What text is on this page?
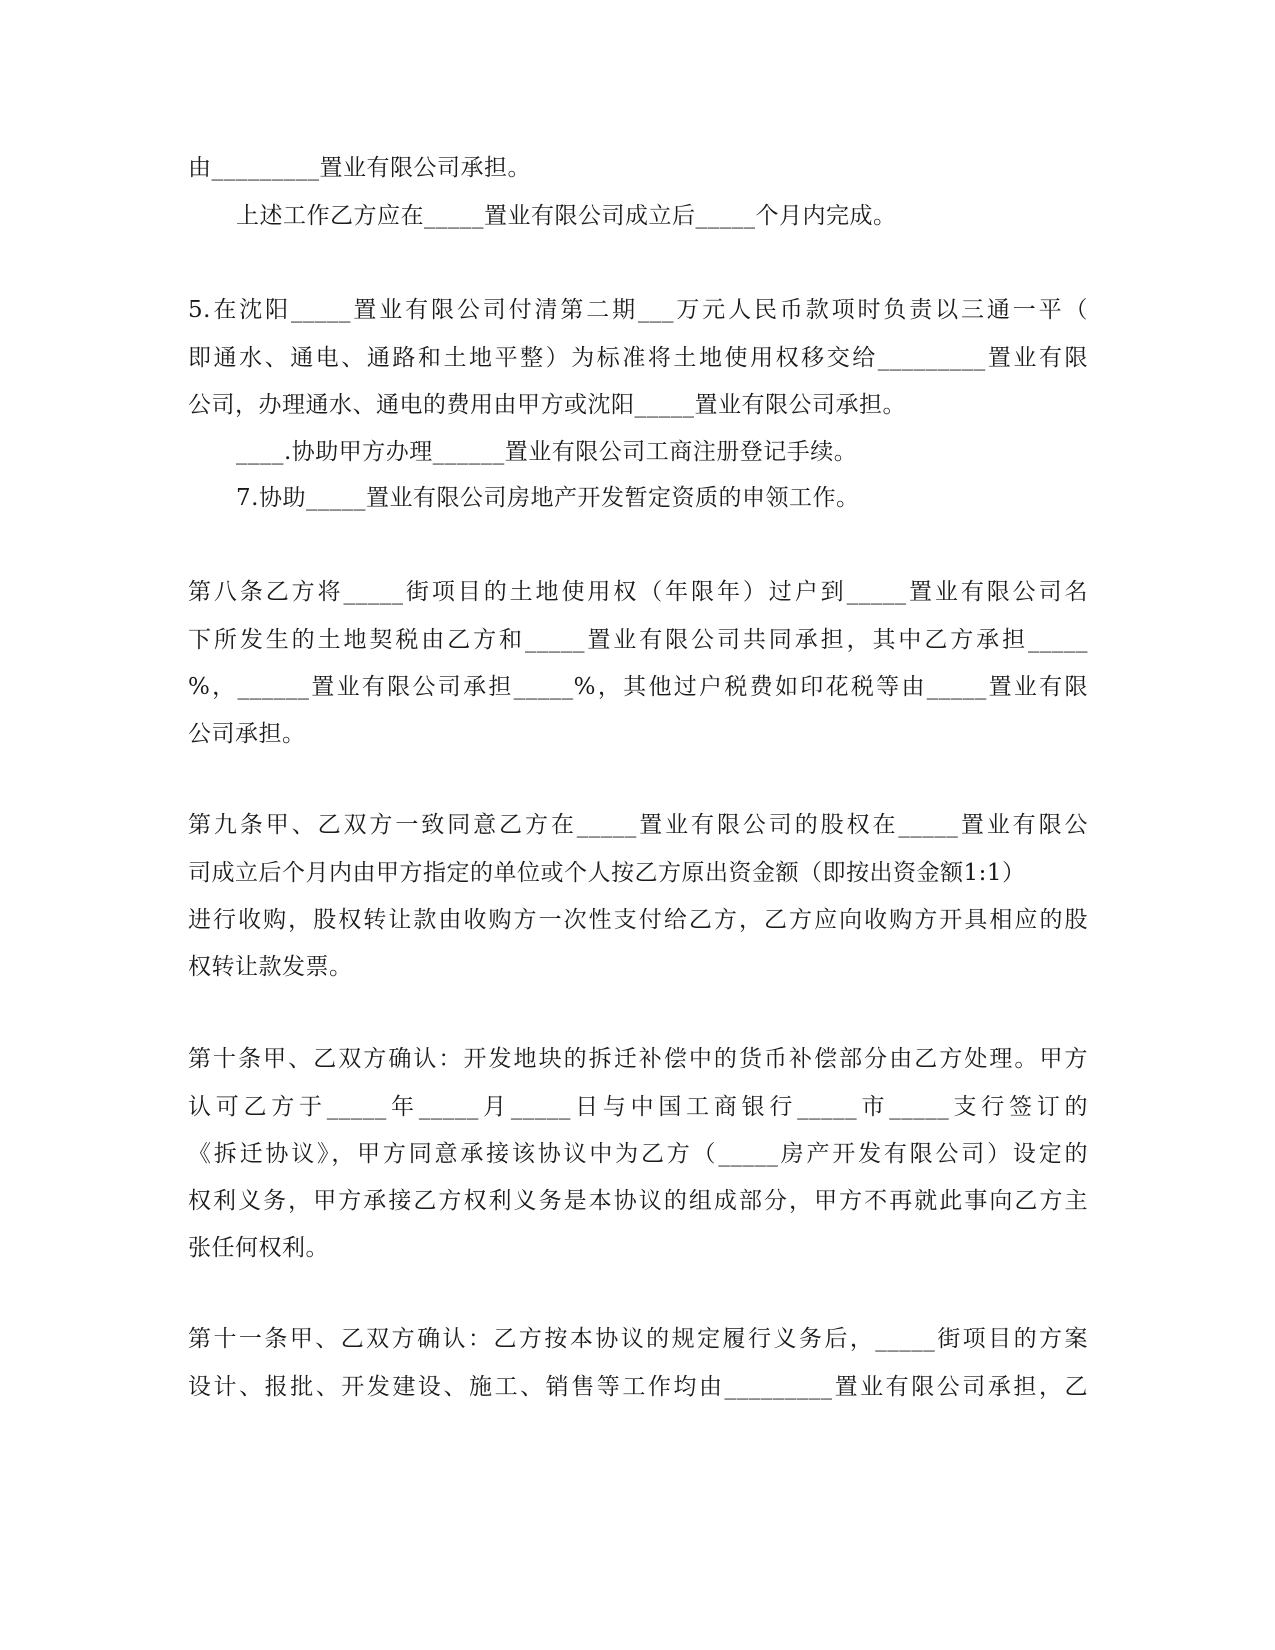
由_________置业有限公司承担。
上述工作乙方应在_____置业有限公司成立后_____个月内完成。
5.在沈阳_____置业有限公司付清第二期___万元人民币款项时负责以三通一平（
即通水、通电、通路和土地平整）为标准将土地使用权移交给_________置业有限
公司，办理通水、通电的费用由甲方或沈阳_____置业有限公司承担。
____.协助甲方办理______置业有限公司工商注册登记手续。
7.协助_____置业有限公司房地产开发暂定资质的申领工作。
第八条乙方将_____街项目的土地使用权（年限年）过户到_____置业有限公司名
下所发生的土地契税由乙方和_____置业有限公司共同承担，其中乙方承担_____
%，______置业有限公司承担_____%，其他过户税费如印花税等由_____置业有限
公司承担。
第九条甲、乙双方一致同意乙方在_____置业有限公司的股权在_____置业有限公
司成立后个月内由甲方指定的单位或个人按乙方原出资金额（即按出资金额1:1）
进行收购，股权转让款由收购方一次性支付给乙方，乙方应向收购方开具相应的股
权转让款发票。
第十条甲、乙双方确认：开发地块的拆迁补偿中的货币补偿部分由乙方处理。甲方
认可乙方于_____年_____月_____日与中国工商银行_____市_____支行签订的
《拆迁协议》，甲方同意承接该协议中为乙方（_____房产开发有限公司）设定的
权利义务，甲方承接乙方权利义务是本协议的组成部分，甲方不再就此事向乙方主
张任何权利。
第十一条甲、乙双方确认：乙方按本协议的规定履行义务后，_____街项目的方案
设计、报批、开发建设、施工、销售等工作均由_________置业有限公司承担，乙
